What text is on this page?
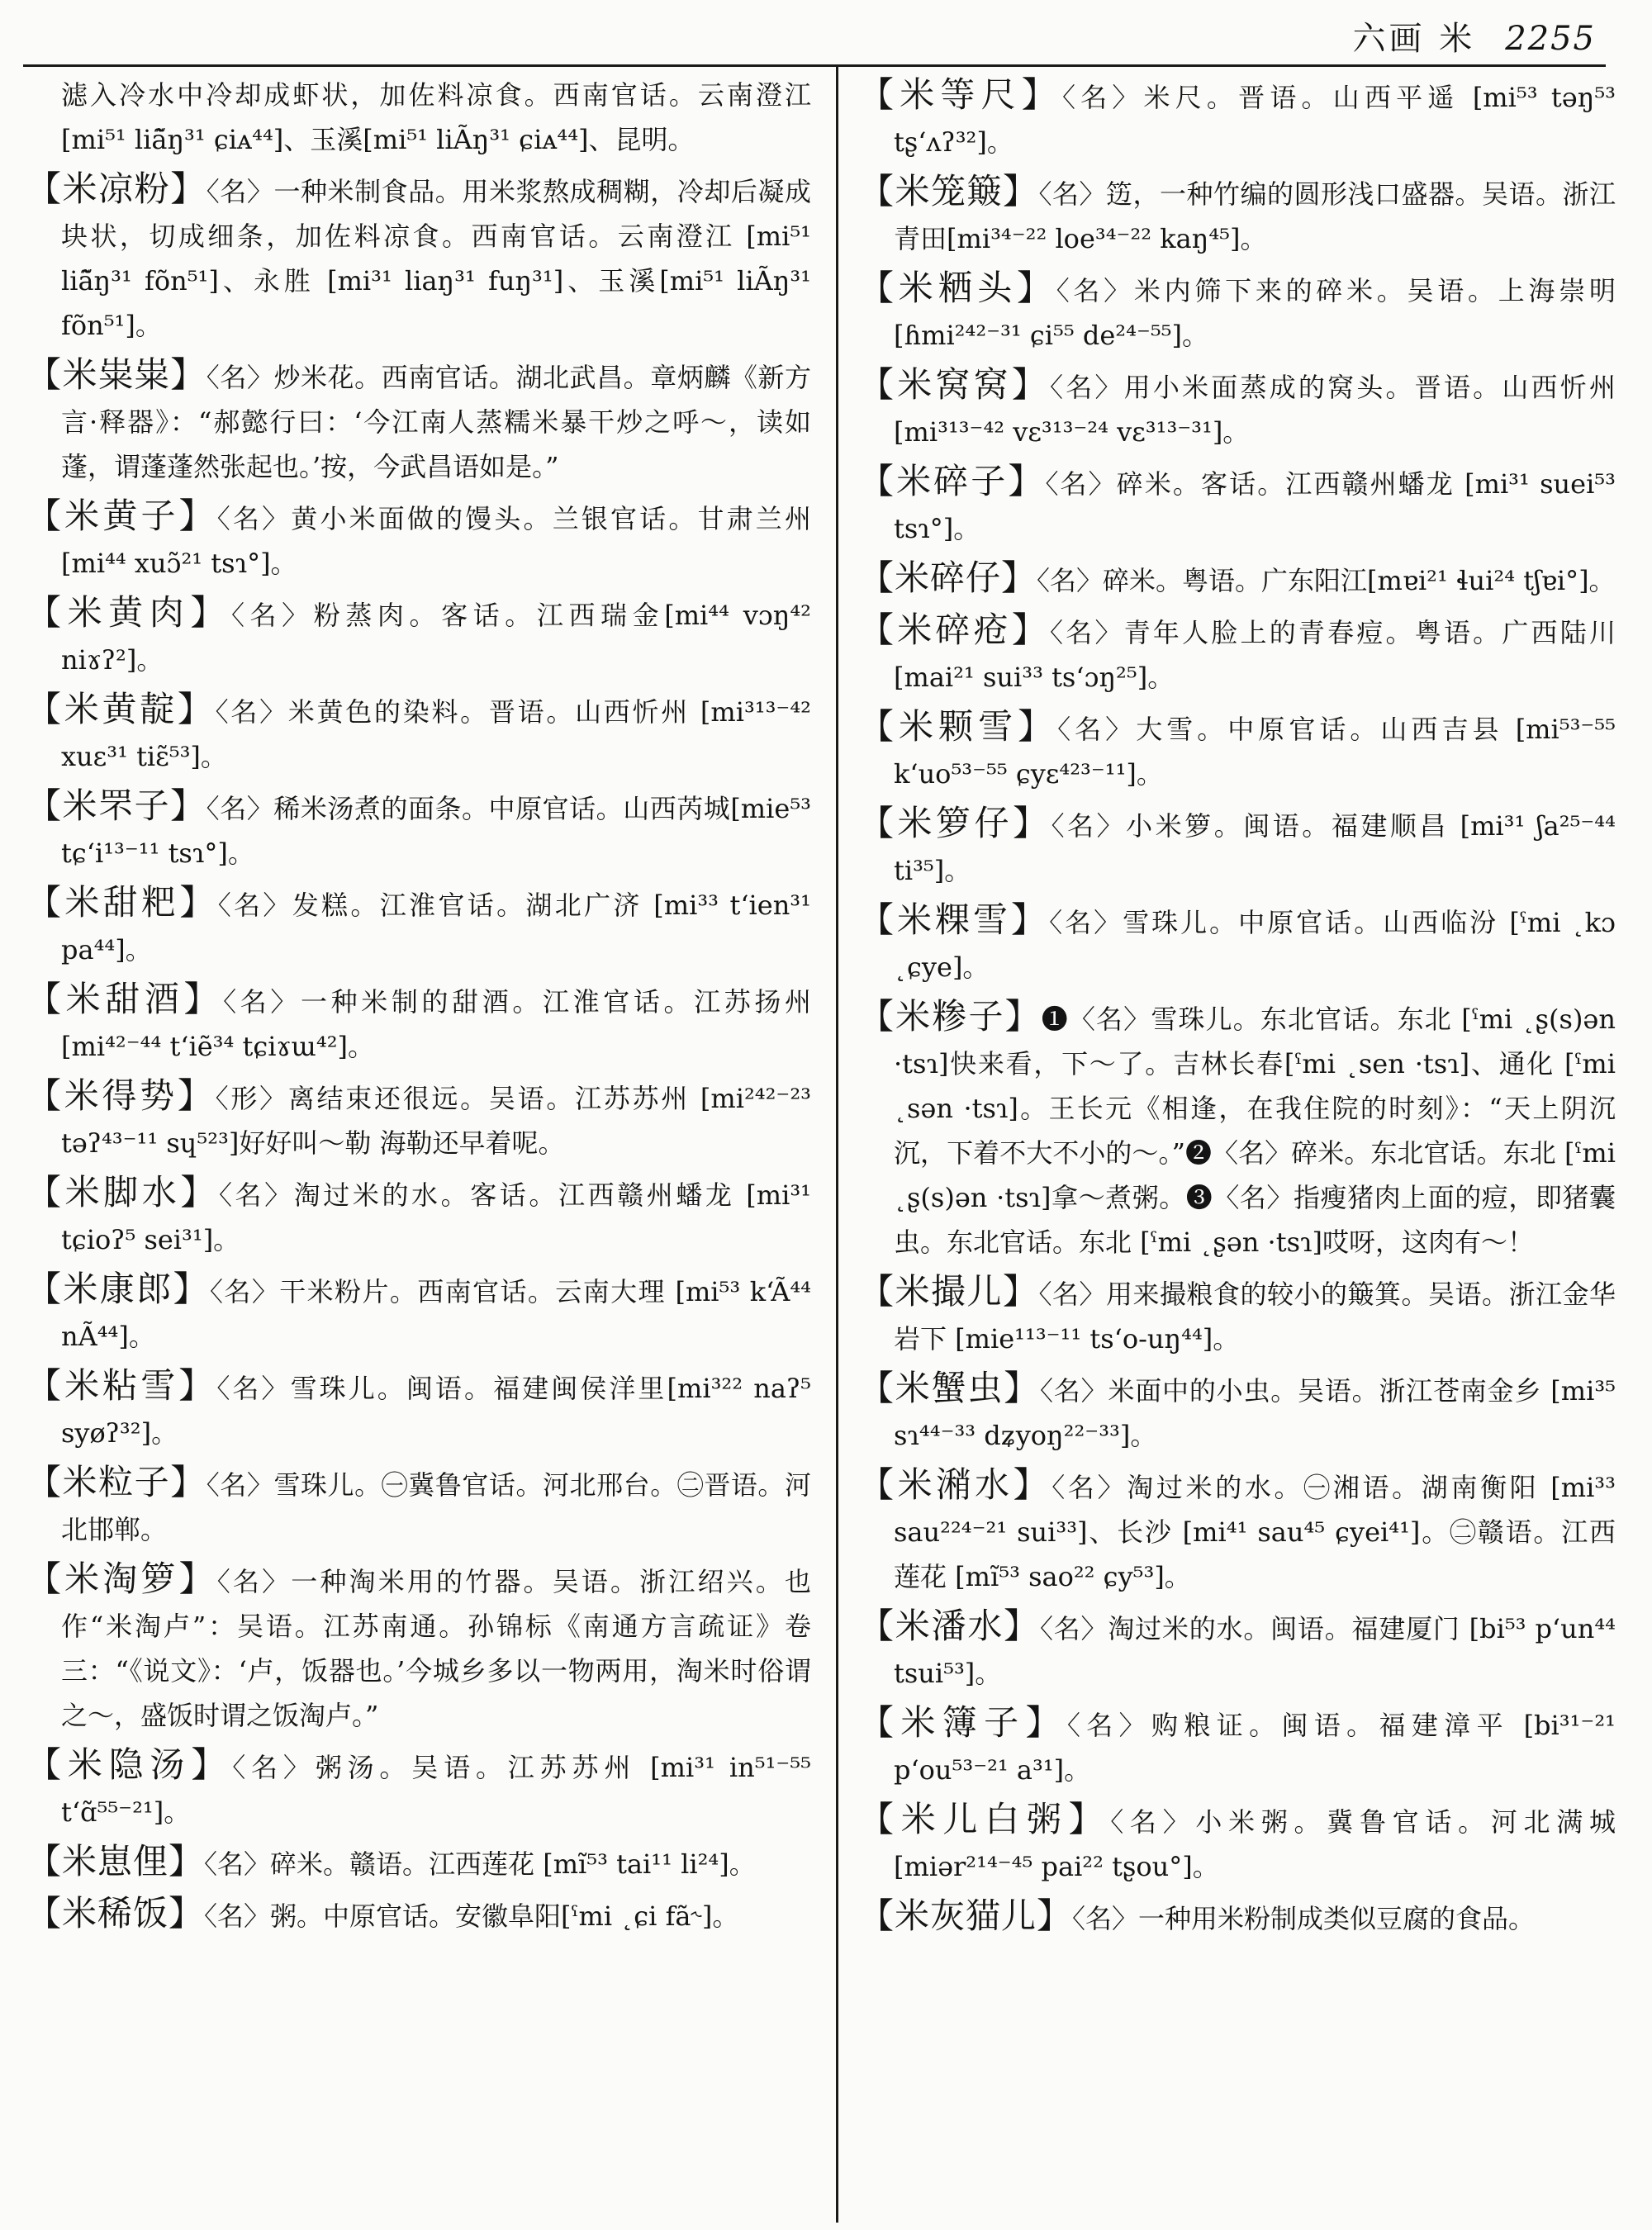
六画 米 2255

滤入冷水中冷却成虾状，加佐料凉食。西南官话。云南澄江[mi⁵¹ liã̃ŋ³¹ ɕiᴀ⁴⁴]、玉溪[mi⁵¹ liÃŋ³¹ ɕiᴀ⁴⁴]、昆明。

【米凉粉】〈名〉一种米制食品。用米浆熬成稠糊，冷却后凝成块状，切成细条，加佐料凉食。西南官话。云南澄江 [mi⁵¹ liã̃ŋ³¹ fõn⁵¹]、永胜 [mi³¹ liaŋ³¹ fuŋ³¹]、玉溪[mi⁵¹ liÃŋ³¹ fõn⁵¹]。

【米粜粜】〈名〉炒米花。西南官话。湖北武昌。章炳麟《新方言·释器》：“郝懿行曰：‘今江南人蒸糯米暴干炒之呼～，读如蓬，谓蓬蓬然张起也。’按，今武昌语如是。”

【米黄子】〈名〉黄小米面做的馒头。兰银官话。甘肃兰州 [mi⁴⁴ xuɔ̃²¹ tsɿ°]。

【米黄肉】〈名〉粉蒸肉。客话。江西瑞金[mi⁴⁴ vɔŋ⁴² niɤʔ²]。

【米黄靛】〈名〉米黄色的染料。晋语。山西忻州 [mi³¹³⁻⁴² xuɛ³¹ tiɛ̃⁵³]。

【米罘子】〈名〉稀米汤煮的面条。中原官话。山西芮城[mie⁵³ tɕʻi¹³⁻¹¹ tsɿ°]。

【米甜粑】〈名〉发糕。江淮官话。湖北广济 [mi³³ tʻien³¹ pa⁴⁴]。

【米甜酒】〈名〉一种米制的甜酒。江淮官话。江苏扬州 [mi⁴²⁻⁴⁴ tʻiẽ³⁴ tɕiɤɯ⁴²]。

【米得势】〈形〉离结束还很远。吴语。江苏苏州 [mi²⁴²⁻²³ təʔ⁴³⁻¹¹ sɥ⁵²³]好好叫～勒 海勒还早着呢。

【米脚水】〈名〉淘过米的水。客话。江西赣州蟠龙 [mi³¹ tɕioʔ⁵ sei³¹]。

【米康郎】〈名〉干米粉片。西南官话。云南大理 [mi⁵³ kʻÃ⁴⁴ nÃ⁴⁴]。

【米粘雪】〈名〉雪珠儿。闽语。福建闽侯洋里[mi³²² naʔ⁵ syøʔ³²]。

【米粒子】〈名〉雪珠儿。㊀冀鲁官话。河北邢台。㊁晋语。河北邯郸。

【米淘箩】〈名〉一种淘米用的竹器。吴语。浙江绍兴。也作“米淘卢”：吴语。江苏南通。孙锦标《南通方言疏证》卷三：“《说文》：‘卢，饭器也。’今城乡多以一物两用，淘米时俗谓之～，盛饭时谓之饭淘卢。”

【米隐汤】〈名〉粥汤。吴语。江苏苏州 [mi³¹ in⁵¹⁻⁵⁵ tʻɑ̃⁵⁵⁻²¹]。

【米崽俚】〈名〉碎米。赣语。江西莲花 [mĩ⁵³ tai¹¹ li²⁴]。

【米稀饭】〈名〉粥。中原官话。安徽阜阳[ˁmi ˛ɕi fã˞]。

【米等尺】〈名〉米尺。晋语。山西平遥 [mi⁵³ təŋ⁵³ tʂʻʌʔ³²]。

【米笼簸】〈名〉笾，一种竹编的圆形浅口盛器。吴语。浙江青田[mi³⁴⁻²² loe³⁴⁻²² kaŋ⁴⁵]。

【米粞头】〈名〉米内筛下来的碎米。吴语。上海崇明 [ɦmi²⁴²⁻³¹ ɕi⁵⁵ de²⁴⁻⁵⁵]。

【米窝窝】〈名〉用小米面蒸成的窝头。晋语。山西忻州 [mi³¹³⁻⁴² vɛ³¹³⁻²⁴ vɛ³¹³⁻³¹]。

【米碎子】〈名〉碎米。客话。江西赣州蟠龙 [mi³¹ suei⁵³ tsɿ°]。

【米碎仔】〈名〉碎米。粤语。广东阳江[mɐi²¹ ɬui²⁴ tʃɐi°]。

【米碎疮】〈名〉青年人脸上的青春痘。粤语。广西陆川[mai²¹ sui³³ tsʻɔŋ²⁵]。

【米颗雪】〈名〉大雪。中原官话。山西吉县 [mi⁵³⁻⁵⁵ kʻuo⁵³⁻⁵⁵ ɕyɛ⁴²³⁻¹¹]。

【米箩仔】〈名〉小米箩。闽语。福建顺昌 [mi³¹ ʃa²⁵⁻⁴⁴ ti³⁵]。

【米粿雪】〈名〉雪珠儿。中原官话。山西临汾 [ˁmi ˛kɔ ˛ɕye]。

【米糁子】❶〈名〉雪珠儿。东北官话。东北 [ˁmi ˛ʂ(s)ən ·tsɿ]快来看，下～了。吉林长春[ˁmi ˛sen ·tsɿ]、通化 [ˁmi ˛sən ·tsɿ]。王长元《相逢，在我住院的时刻》：“天上阴沉沉，下着不大不小的～。”❷〈名〉碎米。东北官话。东北 [ˁmi ˛ʂ(s)ən ·tsɿ]拿～煮粥。❸〈名〉指瘦猪肉上面的痘，即猪囊虫。东北官话。东北 [ˁmi ˛ʂən ·tsɿ]哎呀，这肉有～！

【米撮儿】〈名〉用来撮粮食的较小的簸箕。吴语。浙江金华岩下 [mie¹¹³⁻¹¹ tsʻo-uŋ⁴⁴]。

【米蟹虫】〈名〉米面中的小虫。吴语。浙江苍南金乡 [mi³⁵ sɿ⁴⁴⁻³³ dʑyoŋ²²⁻³³]。

【米潲水】〈名〉淘过米的水。㊀湘语。湖南衡阳 [mi³³ sau²²⁴⁻²¹ sui³³]、长沙 [mi⁴¹ sau⁴⁵ ɕyei⁴¹]。㊁赣语。江西莲花 [mĩ⁵³ sao²² ɕy⁵³]。

【米潘水】〈名〉淘过米的水。闽语。福建厦门 [bi⁵³ pʻun⁴⁴ tsui⁵³]。

【米簿子】〈名〉购粮证。闽语。福建漳平 [bi³¹⁻²¹ pʻou⁵³⁻²¹ a³¹]。

【米儿白粥】〈名〉小米粥。冀鲁官话。河北满城 [miər²¹⁴⁻⁴⁵ pai²² tʂou°]。

【米灰猫儿】〈名〉一种用米粉制成类似豆腐的食品。
